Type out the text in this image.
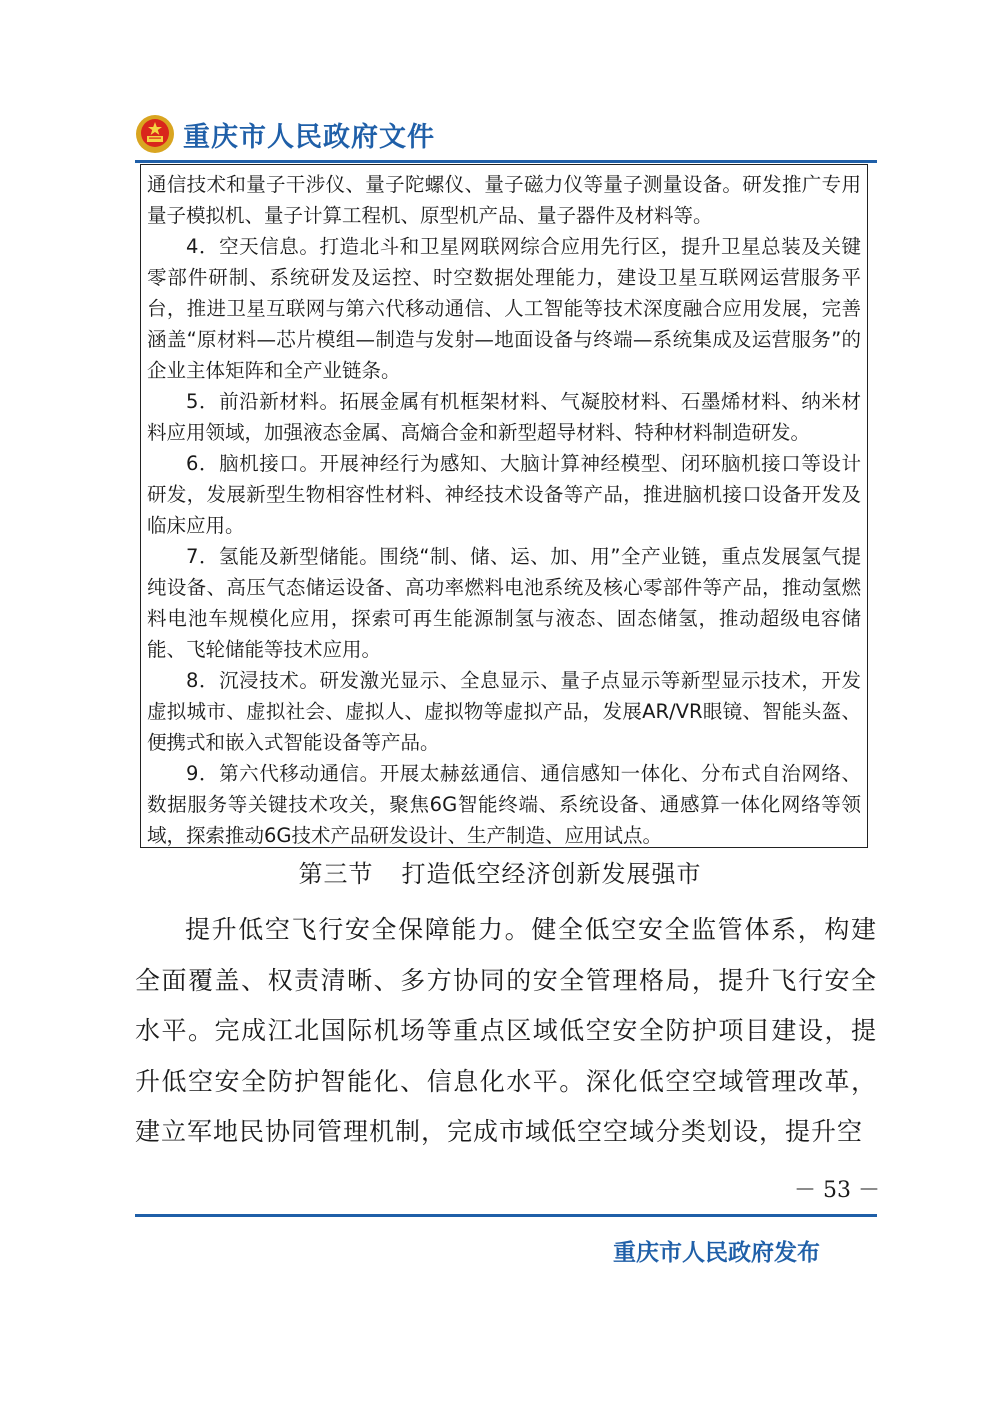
重庆市人民政府文件

通信技术和量子干涉仪、量子陀螺仪、量子磁力仪等量子测量设备。研发推广专用量子模拟机、量子计算工程机、原型机产品、量子器件及材料等。

4．空天信息。打造北斗和卫星网联网综合应用先行区，提升卫星总装及关键零部件研制、系统研发及运控、时空数据处理能力，建设卫星互联网运营服务平台，推进卫星互联网与第六代移动通信、人工智能等技术深度融合应用发展，完善涵盖“原材料—芯片模组—制造与发射—地面设备与终端—系统集成及运营服务”的企业主体矩阵和全产业链条。

5．前沿新材料。拓展金属有机框架材料、气凝胶材料、石墨烯材料、纳米材料应用领域，加强液态金属、高熵合金和新型超导材料、特种材料制造研发。

6．脑机接口。开展神经行为感知、大脑计算神经模型、闭环脑机接口等设计研发，发展新型生物相容性材料、神经技术设备等产品，推进脑机接口设备开发及临床应用。

7．氢能及新型储能。围绕“制、储、运、加、用”全产业链，重点发展氢气提纯设备、高压气态储运设备、高功率燃料电池系统及核心零部件等产品，推动氢燃料电池车规模化应用，探索可再生能源制氢与液态、固态储氢，推动超级电容储能、飞轮储能等技术应用。

8．沉浸技术。研发激光显示、全息显示、量子点显示等新型显示技术，开发虚拟城市、虚拟社会、虚拟人、虚拟物等虚拟产品，发展AR/VR眼镜、智能头盔、便携式和嵌入式智能设备等产品。

9．第六代移动通信。开展太赫兹通信、通信感知一体化、分布式自治网络、数据服务等关键技术攻关，聚焦6G智能终端、系统设备、通感算一体化网络等领域，探索推动6G技术产品研发设计、生产制造、应用试点。

第三节 打造低空经济创新发展强市

提升低空飞行安全保障能力。健全低空安全监管体系，构建全面覆盖、权责清晰、多方协同的安全管理格局，提升飞行安全水平。完成江北国际机场等重点区域低空安全防护项目建设，提升低空安全防护智能化、信息化水平。深化低空空域管理改革，建立军地民协同管理机制，完成市域低空空域分类划设，提升空

－ 53 －
重庆市人民政府发布
